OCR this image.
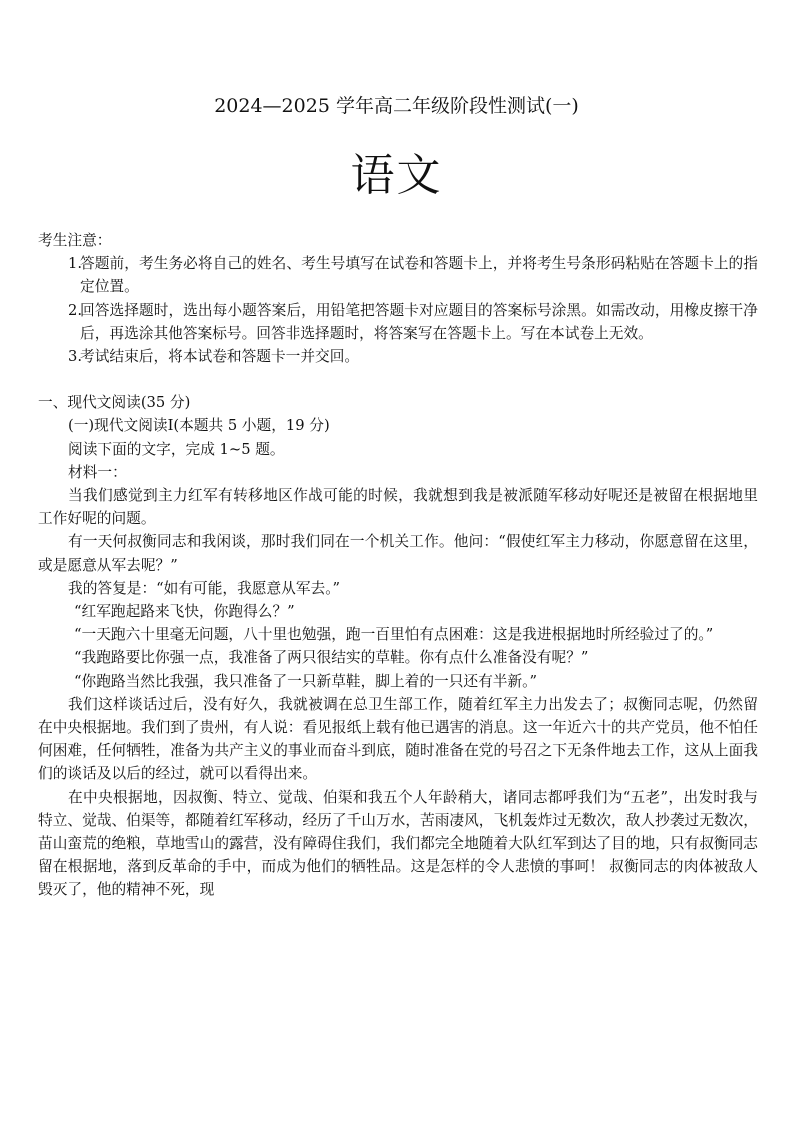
2024—2025 学年高二年级阶段性测试(一)
语文

考生注意：

1.
答题前，考生务必将自己的姓名、考生号填写在试卷和答题卡上，并将考生号条形码粘贴在答题卡上的指定位置。
2.
回答选择题时，选出每小题答案后，用铅笔把答题卡对应题目的答案标号涂黑。如需改动，用橡皮擦干净后，再选涂其他答案标号。回答非选择题时，将答案写在答题卡上。写在本试卷上无效。
3.
考试结束后，将本试卷和答题卡一并交回。

一、现代文阅读(35 分)

(一)现代文阅读Ⅰ(本题共 5 小题，19 分)

阅读下面的文字，完成 1~5 题。

材料一：

当我们感觉到主力红军有转移地区作战可能的时候，我就想到我是被派随军移动好呢还是被留在根据地里工作好呢的问题。

有一天何叔衡同志和我闲谈，那时我们同在一个机关工作。他问：“假使红军主力移动，你愿意留在这里，或是愿意从军去呢？”

我的答复是：“如有可能，我愿意从军去。”

“红军跑起路来飞快，你跑得么？”

“一天跑六十里毫无问题，八十里也勉强，跑一百里怕有点困难：这是我进根据地时所经验过了的。”

“我跑路要比你强一点，我准备了两只很结实的草鞋。你有点什么准备没有呢？”

“你跑路当然比我强，我只准备了一只新草鞋，脚上着的一只还有半新。”

我们这样谈话过后，没有好久，我就被调在总卫生部工作，随着红军主力出发去了；叔衡同志呢，仍然留在中央根据地。我们到了贵州，有人说：看见报纸上载有他已遇害的消息。这一年近六十的共产党员，他不怕任何困难，任何牺牲，准备为共产主义的事业而奋斗到底，随时准备在党的号召之下无条件地去工作，这从上面我们的谈话及以后的经过，就可以看得出来。

在中央根据地，因叔衡、特立、觉哉、伯渠和我五个人年龄稍大，诸同志都呼我们为“五老”，出发时我与特立、觉哉、伯渠等，都随着红军移动，经历了千山万水，苦雨凄风，飞机轰炸过无数次，敌人抄袭过无数次，苗山蛮荒的绝粮，草地雪山的露营，没有障碍住我们，我们都完全地随着大队红军到达了目的地，只有叔衡同志留在根据地，落到反革命的手中，而成为他们的牺牲品。这是怎样的令人悲愤的事呵！ 叔衡同志的肉体被敌人毁灭了，他的精神不死，现
